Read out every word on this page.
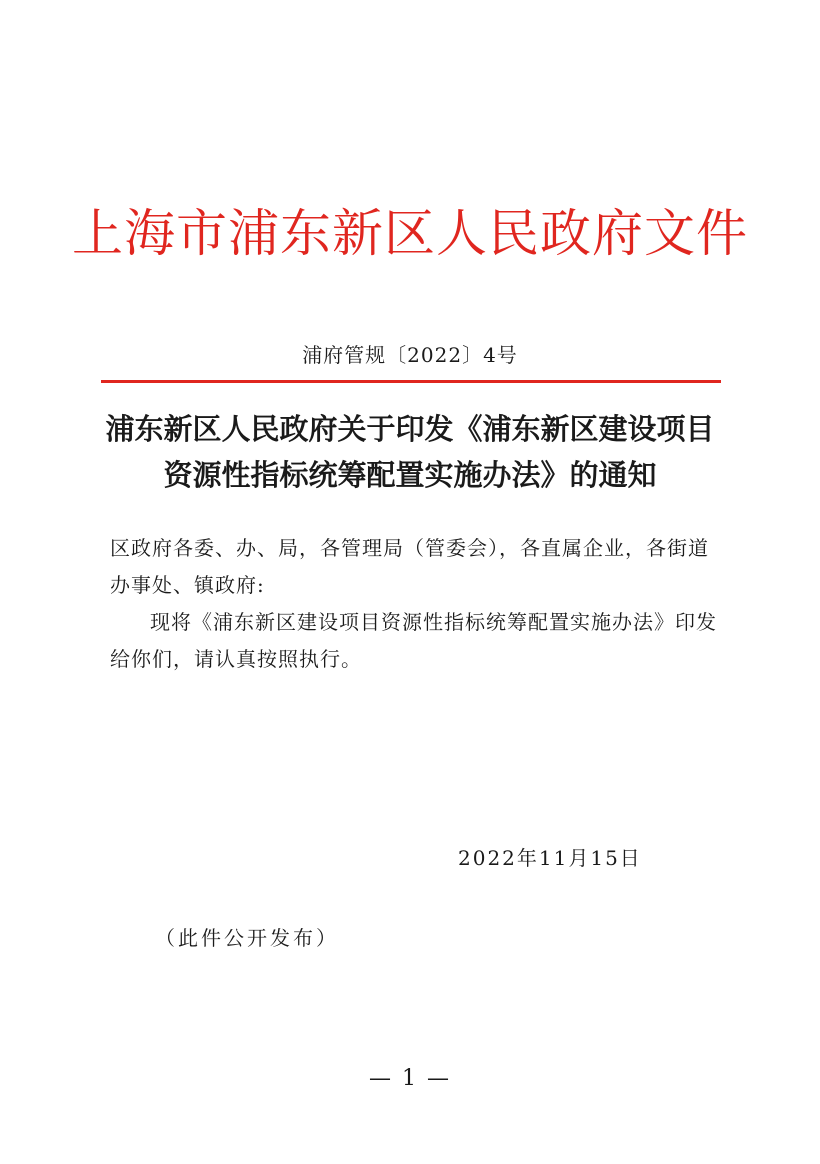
上海市浦东新区人民政府文件
浦府管规〔2022〕4号
浦东新区人民政府关于印发《浦东新区建设项目
资源性指标统筹配置实施办法》的通知

区政府各委、办、局，各管理局（管委会），各直属企业，各街道办事处、镇政府:

现将《浦东新区建设项目资源性指标统筹配置实施办法》印发给你们，请认真按照执行。

2022年11月15日
（此件公开发布）
— 1 —
